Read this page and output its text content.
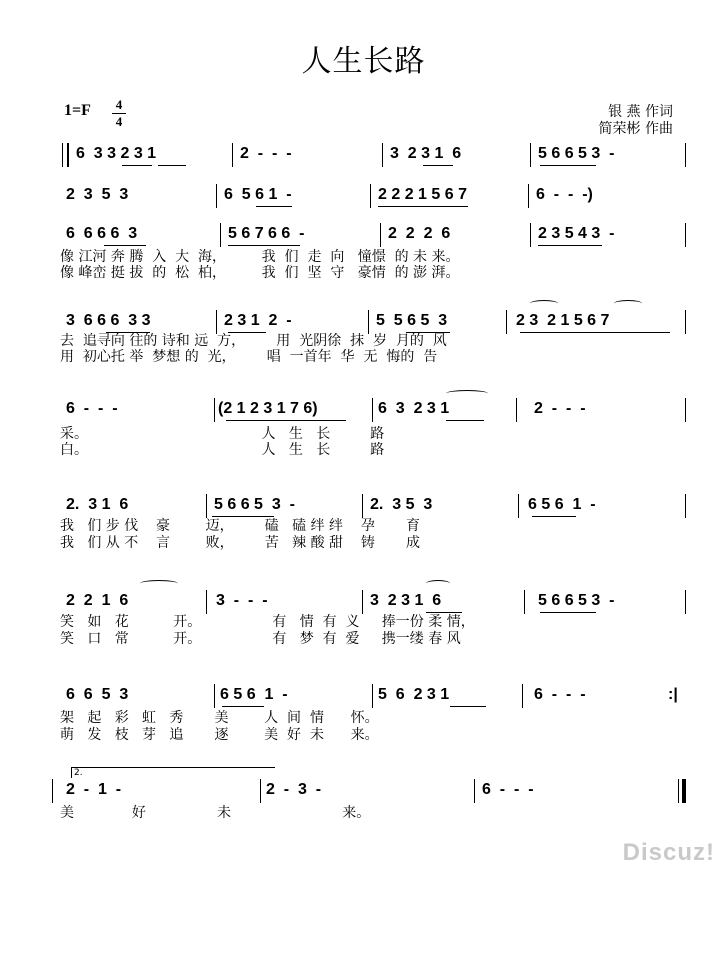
人生长路
1=F 4
4
银 燕 作词
简荣彬 作曲

6  3 3 2 3 1

	2  -  -  -

	3  2 3 1  6

	5 6 6 5 3  -

2  3  5  3

	6  5 6 1  -

	2 2 2 1 5 6 7

	6  -  -  -)

6  6 6 6  3

	5 6 7 6 6  -

	2  2  2  6

	2 3 5 4 3  -

像 江河 奔 腾  入  大  海，        我  们  走  向   憧憬  的 未 来。
像 峰峦 挺 拔  的  松  柏，        我  们  坚  守   豪情  的 澎 湃。

3  6 6 6  3 3

	2 3 1  2  -

	5  5 6 5  3

	2 3  2 1 5 6 7

去  追寻向 往的 诗和 远  方，       用  光阴徐  抹  岁  月的  风
用  初心托 举  梦想 的  光，       唱  一首年  华  无  悔的  告

6  -  -  -

	(2 1 2 3 1 7 6)

	6  3  2 3 1

	2  -  -  -

采。                                       人   生   长         路
白。                                       人   生   长         路

2.  3 1  6

	5 6 6 5  3  -

	2.  3 5  3

	6 5 6  1  -

我   们 步 伐    豪        迈，       磕   磕 绊 绊    孕       育
我   们 从 不    言        败，       苦   辣 酸 甜    铸       成

2  2  1  6

	3  -  -  -

	3  2 3 1  6

	5 6 6 5 3  -

笑   如   花          开。                有   情  有  义     捧一份 柔 情，
笑   口   常          开。                有   梦  有  爱     携一缕 春 风

6  6  5  3

	6 5 6  1  -

	5  6  2 3 1

	6  -  -  -

	:|

架   起   彩   虹   秀       美        人  间  情      怀。
萌   发   枝   芽   追       逐        美  好  未      来。
2.

2  -  1  -

	2  -  3  -

	6  -  -  -

美             好                未                         来。
Discuz!
